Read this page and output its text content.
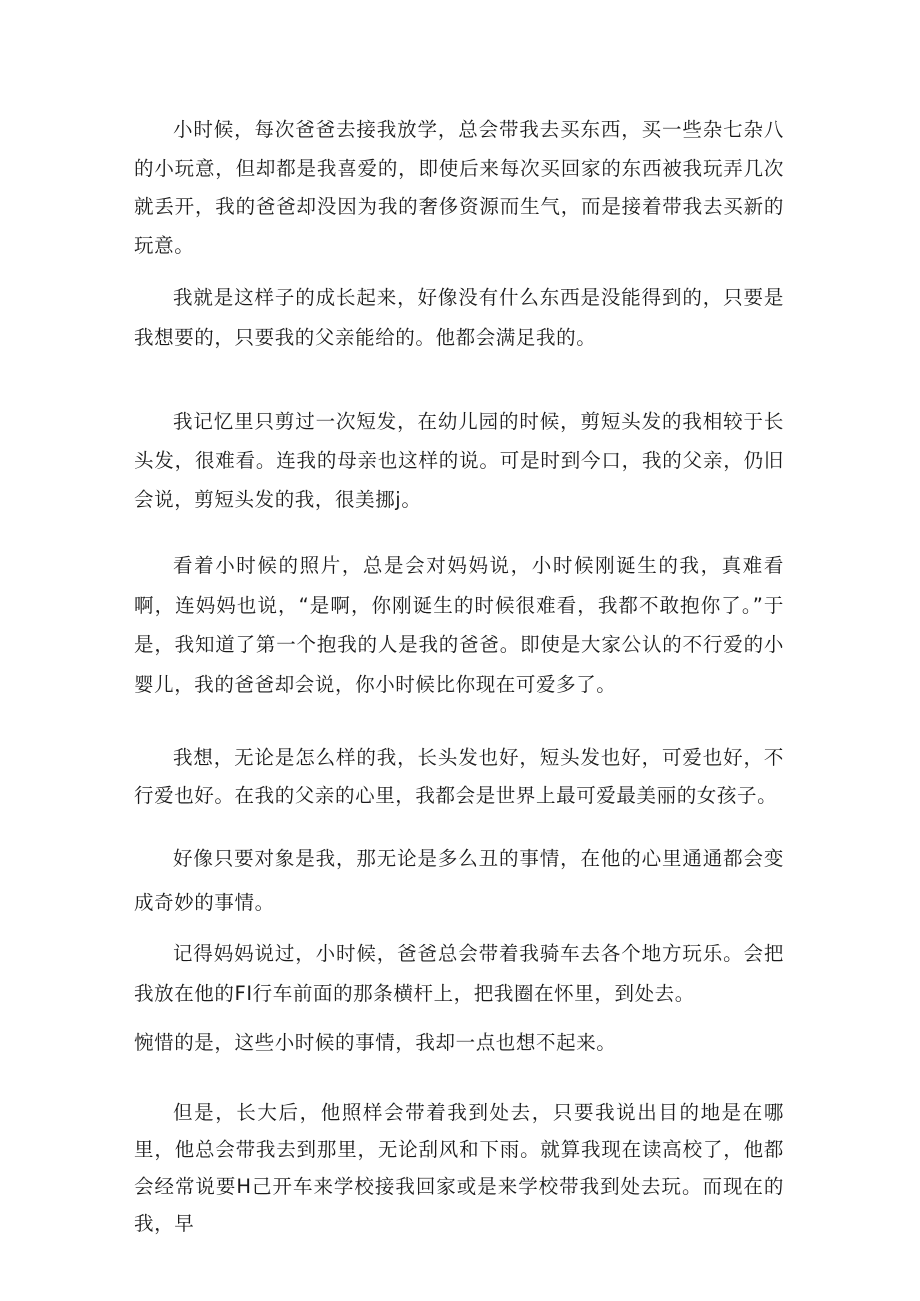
小时候，每次爸爸去接我放学，总会带我去买东西，买一些杂七杂八的小玩意，但却都是我喜爱的，即使后来每次买回家的东西被我玩弄几次就丢开，我的爸爸却没因为我的奢侈资源而生气，而是接着带我去买新的玩意。

我就是这样子的成长起来，好像没有什么东西是没能得到的，只要是我想要的，只要我的父亲能给的。他都会满足我的。

我记忆里只剪过一次短发，在幼儿园的时候，剪短头发的我相较于长头发，很难看。连我的母亲也这样的说。可是时到今口，我的父亲，仍旧会说，剪短头发的我，很美挪j。

看着小时候的照片，总是会对妈妈说，小时候刚诞生的我，真难看啊，连妈妈也说，“是啊，你刚诞生的时候很难看，我都不敢抱你了。”于是，我知道了第一个抱我的人是我的爸爸。即使是大家公认的不行爱的小婴儿，我的爸爸却会说，你小时候比你现在可爱多了。

我想，无论是怎么样的我，长头发也好，短头发也好，可爱也好，不行爱也好。在我的父亲的心里，我都会是世界上最可爱最美丽的女孩子。

好像只要对象是我，那无论是多么丑的事情，在他的心里通通都会变成奇妙的事情。

记得妈妈说过，小时候，爸爸总会带着我骑车去各个地方玩乐。会把我放在他的FI行车前面的那条横杆上，把我圈在怀里，到处去。

惋惜的是，这些小时候的事情，我却一点也想不起来。

但是，长大后，他照样会带着我到处去，只要我说出目的地是在哪里，他总会带我去到那里，无论刮风和下雨。就算我现在读高校了，他都会经常说要H己开车来学校接我回家或是来学校带我到处去玩。而现在的我，早
